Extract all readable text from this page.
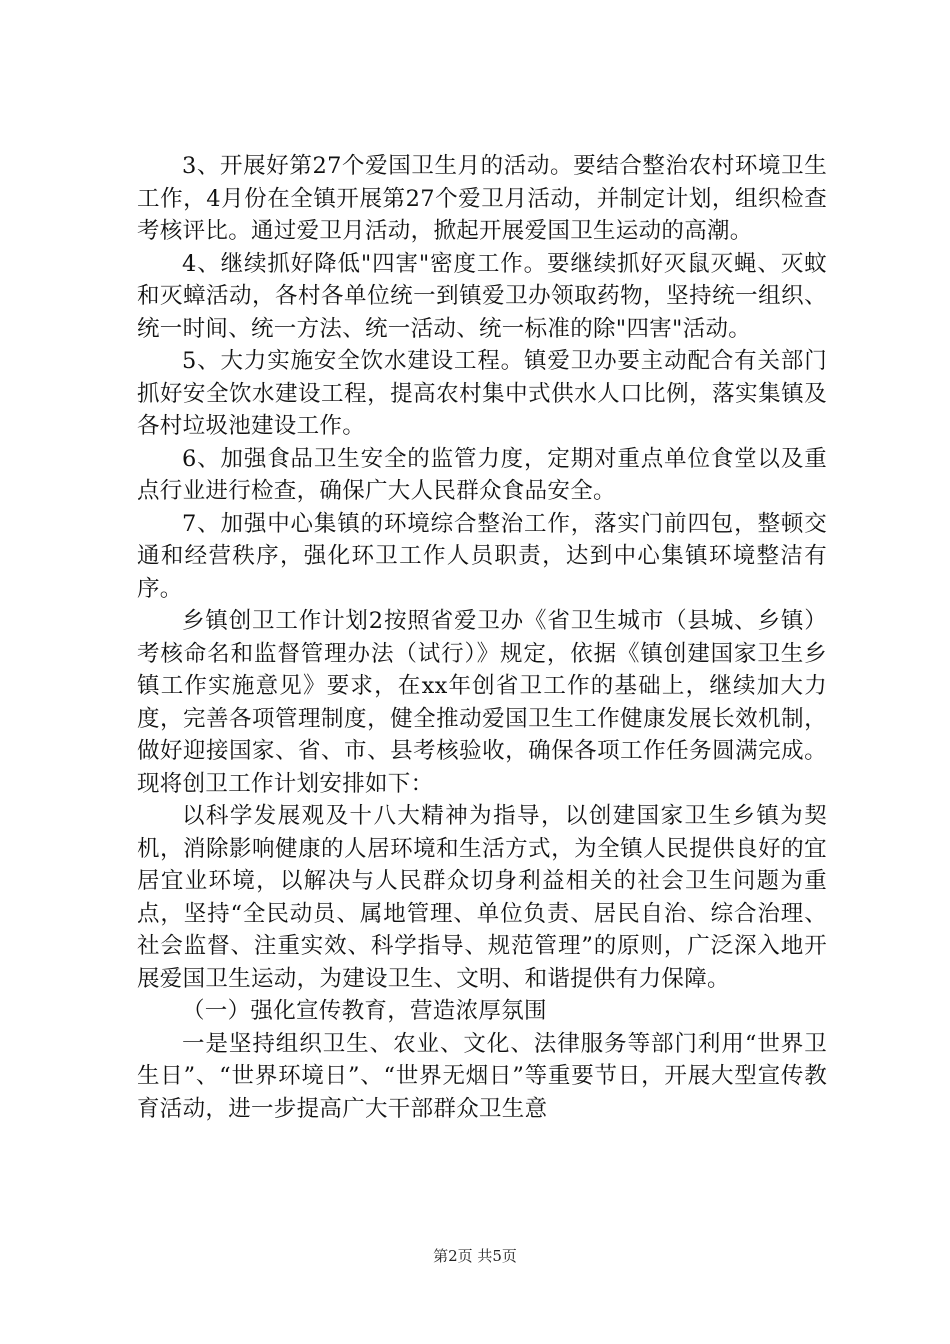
3、开展好第27个爱国卫生月的活动。要结合整治农村环境卫生工作，4月份在全镇开展第27个爱卫月活动，并制定计划，组织检查考核评比。通过爱卫月活动，掀起开展爱国卫生运动的高潮。

4、继续抓好降低"四害"密度工作。要继续抓好灭鼠灭蝇、灭蚊和灭蟑活动，各村各单位统一到镇爱卫办领取药物，坚持统一组织、统一时间、统一方法、统一活动、统一标准的除"四害"活动。

5、大力实施安全饮水建设工程。镇爱卫办要主动配合有关部门抓好安全饮水建设工程，提高农村集中式供水人口比例，落实集镇及各村垃圾池建设工作。

6、加强食品卫生安全的监管力度，定期对重点单位食堂以及重点行业进行检查，确保广大人民群众食品安全。

7、加强中心集镇的环境综合整治工作，落实门前四包，整顿交通和经营秩序，强化环卫工作人员职责，达到中心集镇环境整洁有序。

乡镇创卫工作计划2按照省爱卫办《省卫生城市（县城、乡镇）考核命名和监督管理办法（试行）》规定，依据《镇创建国家卫生乡镇工作实施意见》要求，在xx年创省卫工作的基础上，继续加大力度，完善各项管理制度，健全推动爱国卫生工作健康发展长效机制，做好迎接国家、省、市、县考核验收，确保各项工作任务圆满完成。现将创卫工作计划安排如下：

以科学发展观及十八大精神为指导，以创建国家卫生乡镇为契机，消除影响健康的人居环境和生活方式，为全镇人民提供良好的宜居宜业环境，以解决与人民群众切身利益相关的社会卫生问题为重点，坚持“全民动员、属地管理、单位负责、居民自治、综合治理、社会监督、注重实效、科学指导、规范管理”的原则，广泛深入地开展爱国卫生运动，为建设卫生、文明、和谐提供有力保障。

（一）强化宣传教育，营造浓厚氛围

一是坚持组织卫生、农业、文化、法律服务等部门利用“世界卫生日”、“世界环境日”、“世界无烟日”等重要节日，开展大型宣传教育活动，进一步提高广大干部群众卫生意

第2页 共5页
